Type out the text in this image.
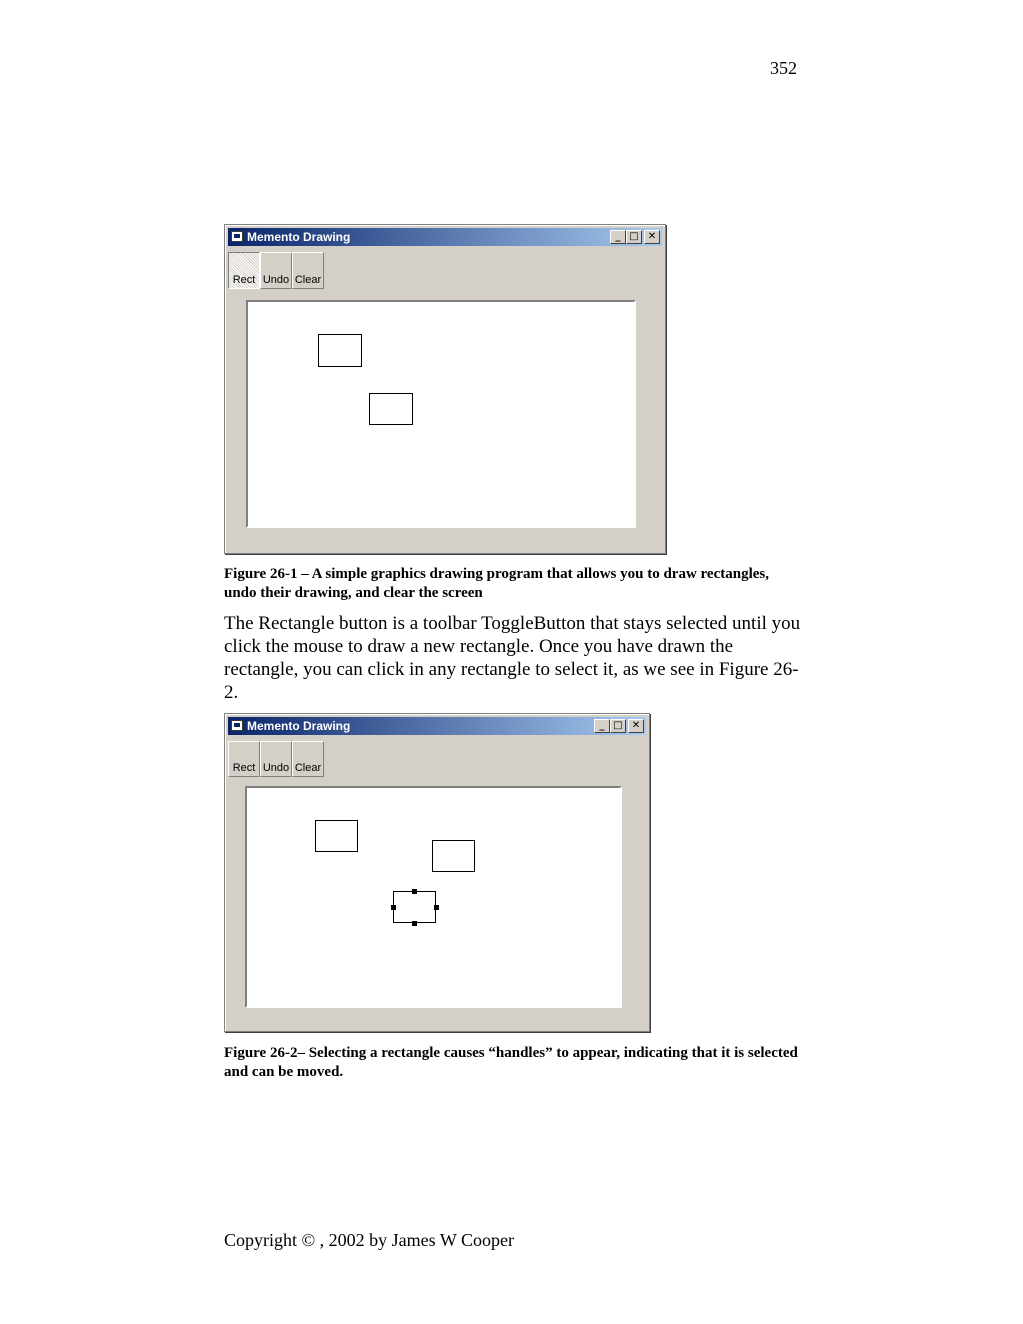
352
Memento Drawing	_ □ ✕
Rect Undo Clear
Figure 26-1 – A simple graphics drawing program that allows you to draw rectangles, undo their drawing, and clear the screen
The Rectangle button is a toolbar ToggleButton that stays selected until you click the mouse to draw a new rectangle. Once you have drawn the rectangle, you can click in any rectangle to select it, as we see in Figure 26-2.
Memento Drawing	_ □ ✕
Rect Undo Clear
Figure 26-2– Selecting a rectangle causes “handles” to appear, indicating that it is selected and can be moved.
Copyright © , 2002 by James W Cooper
